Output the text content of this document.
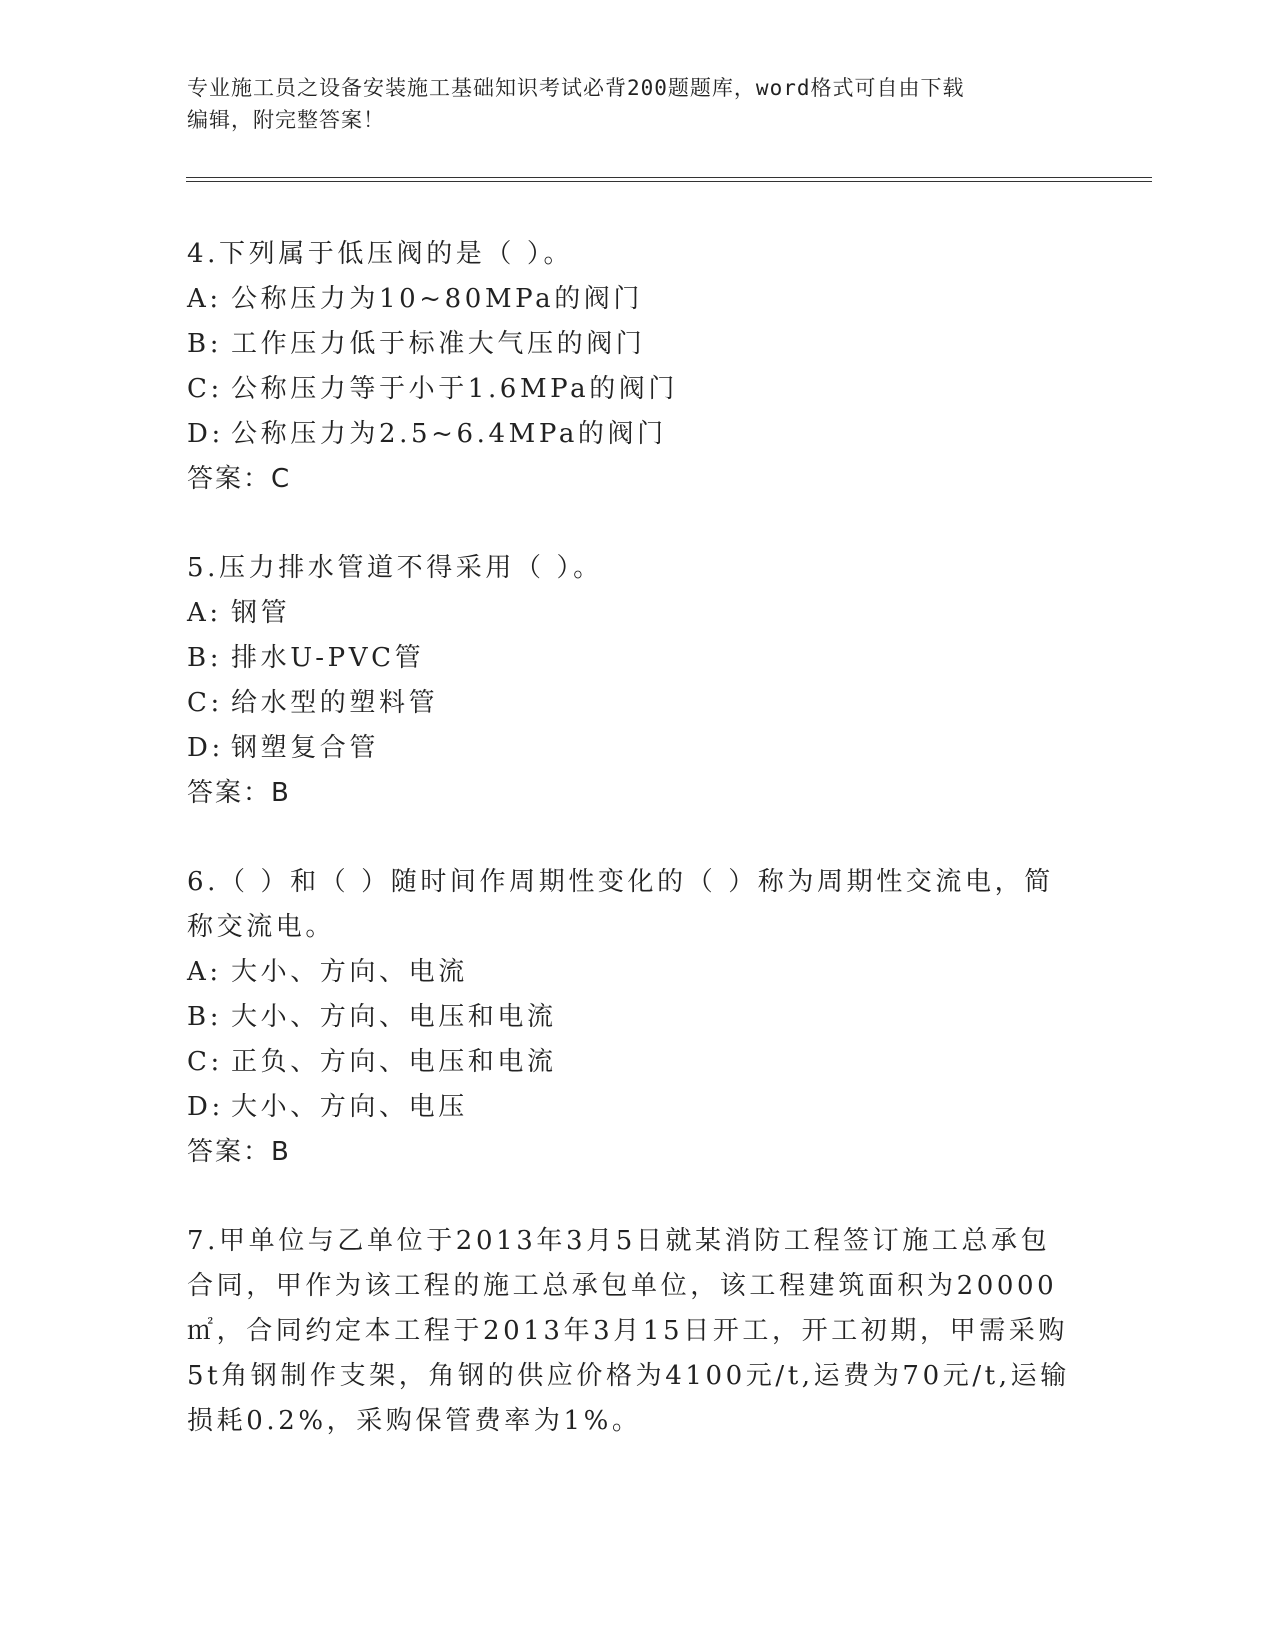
专业施工员之设备安装施工基础知识考试必背200题题库，word格式可自由下载
编辑，附完整答案！
4.下列属于低压阀的是（ ）。
A: 公称压力为10~80MPa的阀门
B: 工作压力低于标准大气压的阀门
C: 公称压力等于小于1.6MPa的阀门
D: 公称压力为2.5~6.4MPa的阀门
答案：C
5.压力排水管道不得采用（ ）。
A: 钢管
B: 排水U-PVC管
C: 给水型的塑料管
D: 钢塑复合管
答案：B
6.（ ）和（ ）随时间作周期性变化的（ ）称为周期性交流电，简称交流电。
A: 大小、方向、电流
B: 大小、方向、电压和电流
C: 正负、方向、电压和电流
D: 大小、方向、电压
答案：B
7.甲单位与乙单位于2013年3月5日就某消防工程签订施工总承包合同，甲作为该工程的施工总承包单位，该工程建筑面积为20000㎡，合同约定本工程于2013年3月15日开工，开工初期，甲需采购5t角钢制作支架，角钢的供应价格为4100元/t,运费为70元/t,运输损耗0.2%，采购保管费率为1%。
